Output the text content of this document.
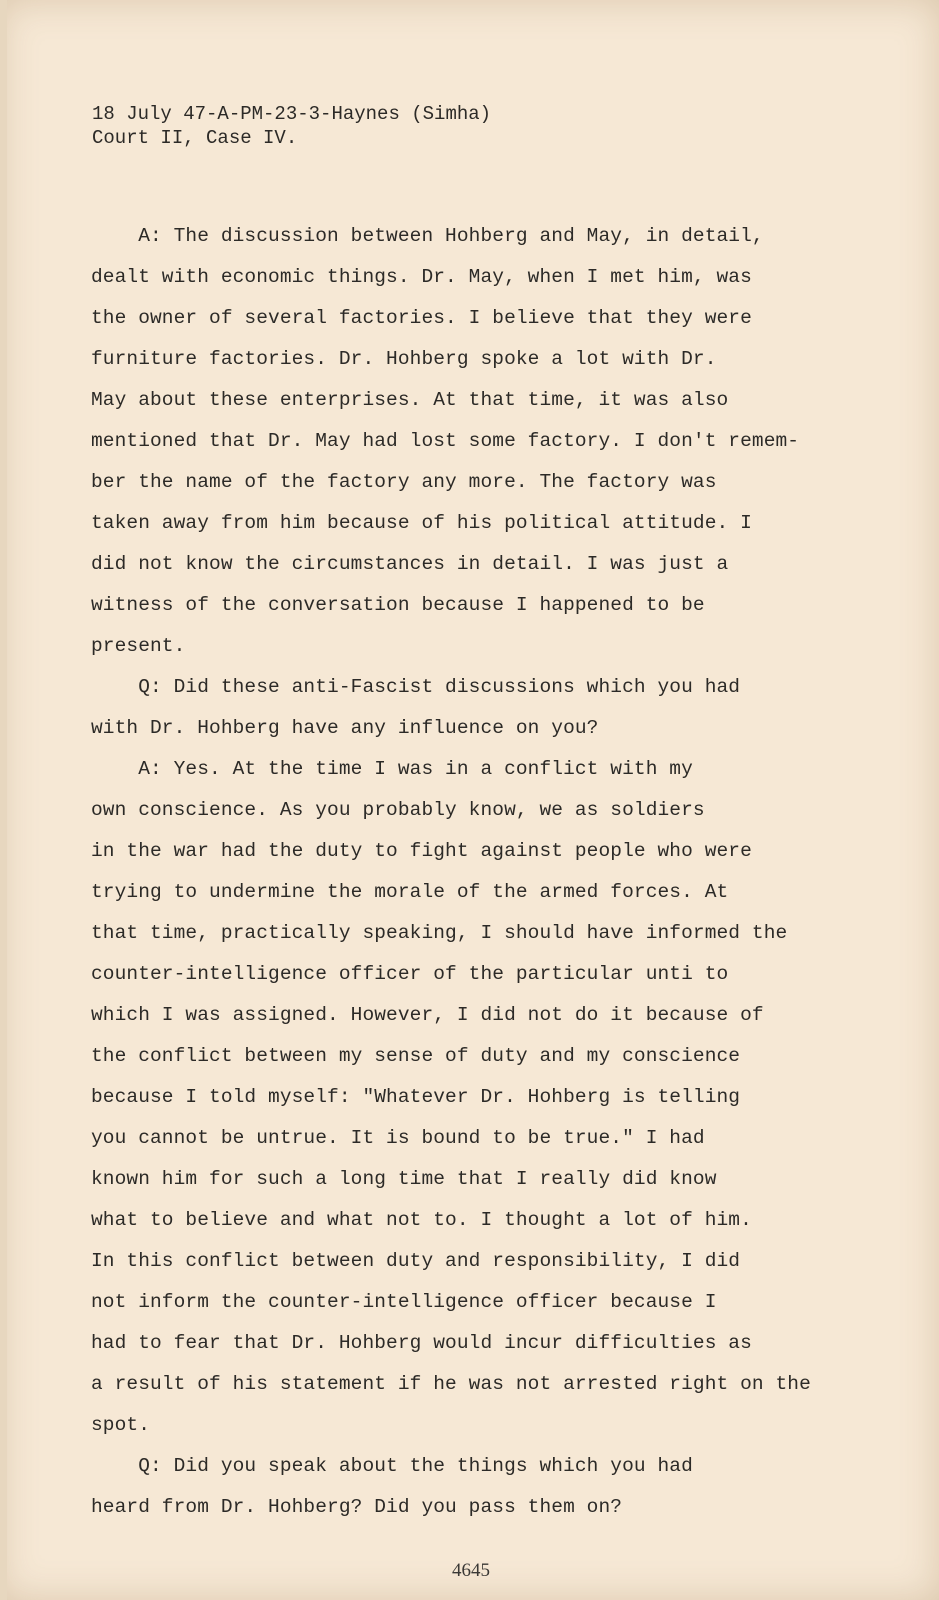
18 July 47-A-PM-23-3-Haynes (Simha)
Court II, Case IV.
A: The discussion between Hohberg and May, in detail,
dealt with economic things. Dr. May, when I met him, was
the owner of several factories. I believe that they were
furniture factories. Dr. Hohberg spoke a lot with Dr.
May about these enterprises. At that time, it was also
mentioned that Dr. May had lost some factory. I don't remem-
ber the name of the factory any more. The factory was
taken away from him because of his political attitude. I
did not know the circumstances in detail. I was just a
witness of the conversation because I happened to be
present.
Q: Did these anti-Fascist discussions which you had
with Dr. Hohberg have any influence on you?
A: Yes. At the time I was in a conflict with my
own conscience. As you probably know, we as soldiers
in the war had the duty to fight against people who were
trying to undermine the morale of the armed forces. At
that time, practically speaking, I should have informed the
counter-intelligence officer of the particular unti to
which I was assigned. However, I did not do it because of
the conflict between my sense of duty and my conscience
because I told myself: "Whatever Dr. Hohberg is telling
you cannot be untrue. It is bound to be true." I had
known him for such a long time that I really did know
what to believe and what not to. I thought a lot of him.
In this conflict between duty and responsibility, I did
not inform the counter-intelligence officer because I
had to fear that Dr. Hohberg would incur difficulties as
a result of his statement if he was not arrested right on the
spot.
Q: Did you speak about the things which you had
heard from Dr. Hohberg? Did you pass them on?
4645
